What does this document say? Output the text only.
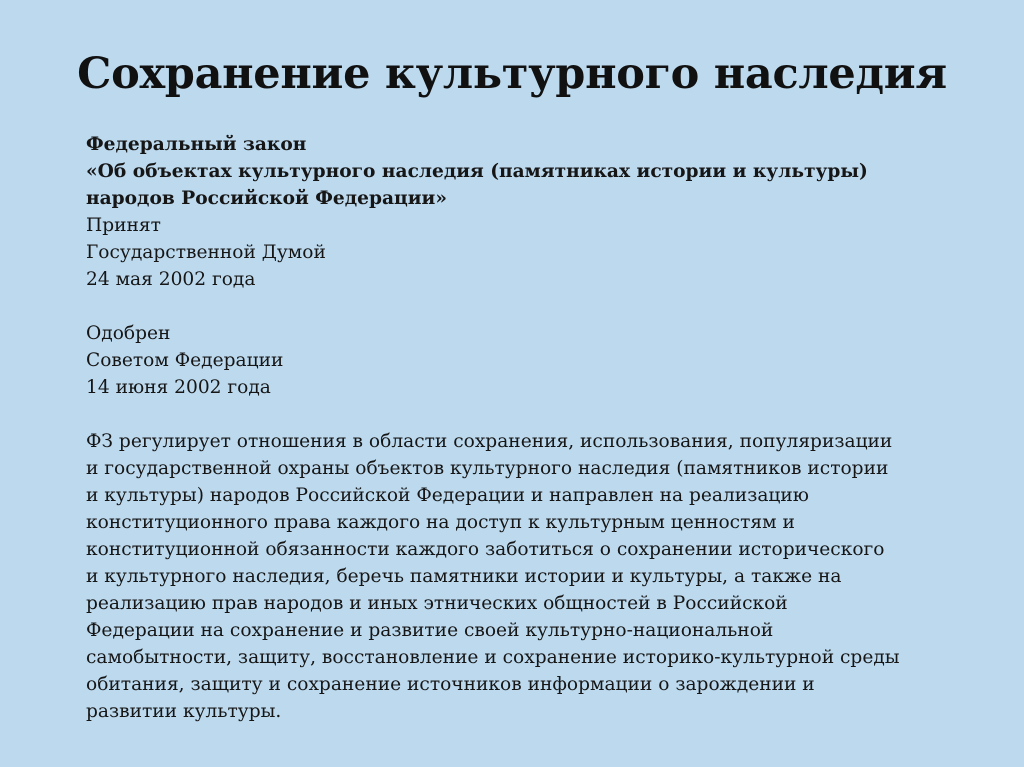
Сохранение культурного наследия
Федеральный закон
«Об объектах культурного наследия (памятниках истории и культуры)
народов Российской Федерации»
Принят
Государственной Думой
24 мая 2002 года
Одобрен
Советом Федерации
14 июня 2002 года
ФЗ регулирует отношения в области сохранения, использования, популяризации
и государственной охраны объектов культурного наследия (памятников истории
и культуры) народов Российской Федерации и направлен на реализацию
конституционного права каждого на доступ к культурным ценностям и
конституционной обязанности каждого заботиться о сохранении исторического
и культурного наследия, беречь памятники истории и культуры, а также на
реализацию прав народов и иных этнических общностей в Российской
Федерации на сохранение и развитие своей культурно-национальной
самобытности, защиту, восстановление и сохранение историко-культурной среды
обитания, защиту и сохранение источников информации о зарождении и
развитии культуры.
